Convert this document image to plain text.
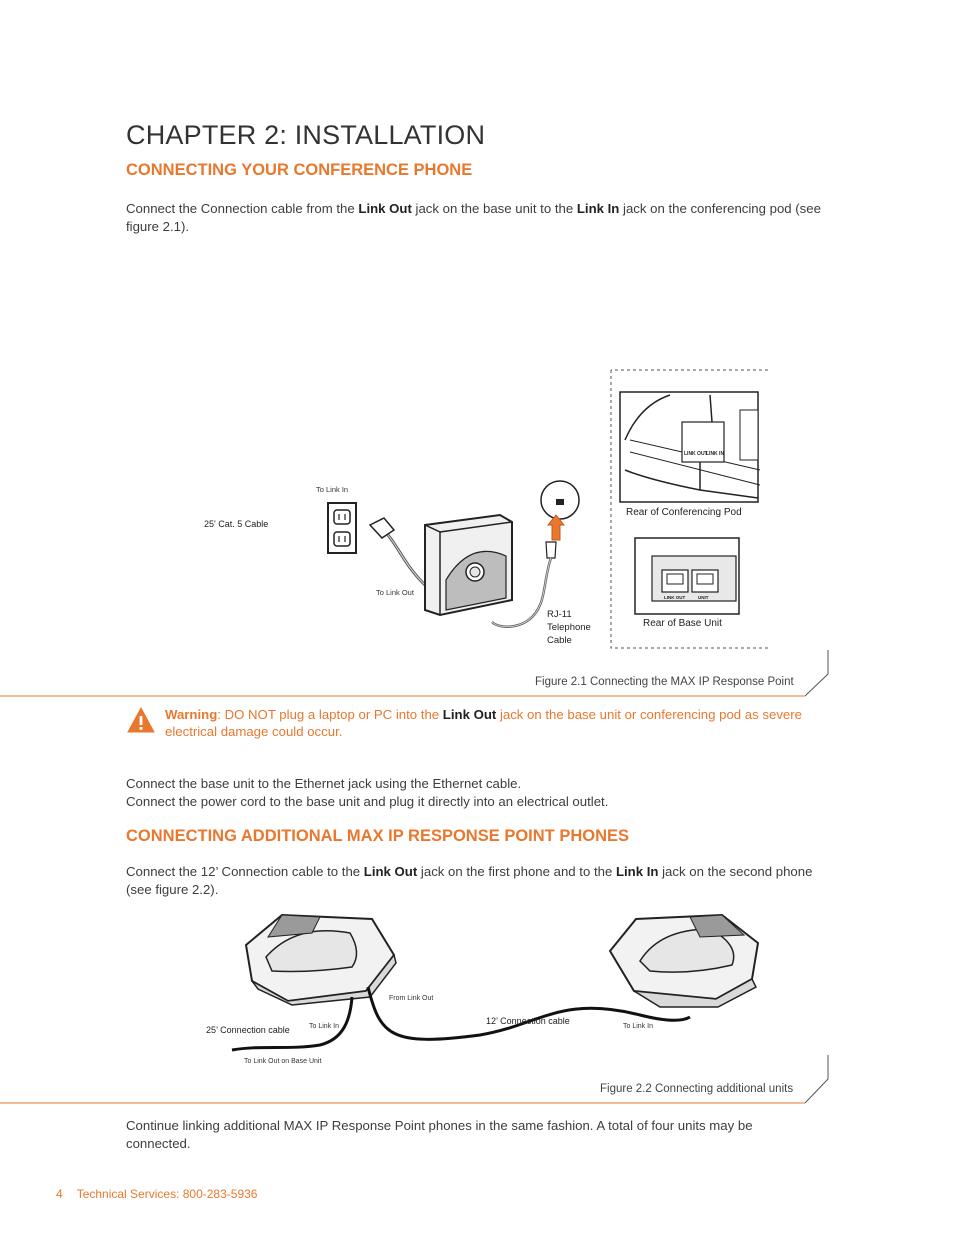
CHAPTER 2: INSTALLATION
CONNECTING YOUR CONFERENCE PHONE
Connect the Connection cable from the Link Out jack on the base unit to the Link In jack on the conferencing pod (see figure 2.1).
To Link In
25' Cat. 5 Cable
To Link Out
RJ-11
Telephone
Cable
LINK OUT
LINK IN
Rear of Conferencing Pod
LINK OUT	UNIT
Rear of Base Unit
Figure 2.1 Connecting the MAX IP Response Point
Warning: DO NOT plug a laptop or PC into the Link Out jack on the base unit or conferencing pod as severe electrical damage could occur.
Connect the base unit to the Ethernet jack using the Ethernet cable.
Connect the power cord to the base unit and plug it directly into an electrical outlet.
CONNECTING ADDITIONAL MAX IP RESPONSE POINT PHONES
Connect the 12’ Connection cable to the Link Out jack on the first phone and to the Link In jack on the second phone (see figure 2.2).
From Link Out
25’ Connection cable	To Link In
12’ Connection cable
To Link In
To Link Out on Base Unit
Figure 2.2 Connecting additional units
Continue linking additional MAX IP Response Point phones in the same fashion. A total of four units may be connected.
4 Technical Services: 800-283-5936
